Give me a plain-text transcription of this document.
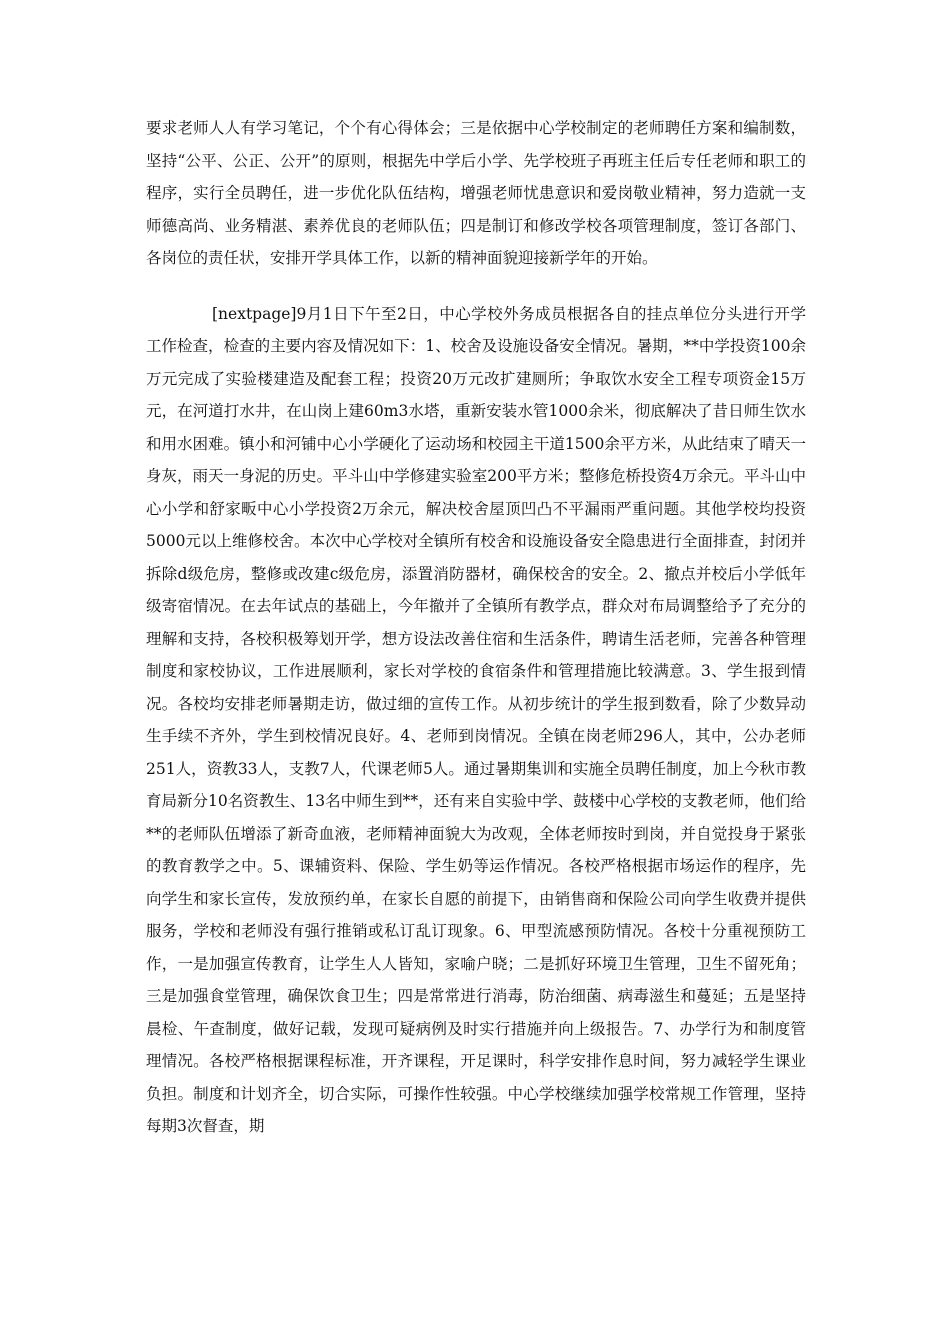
要求老师人人有学习笔记，个个有心得体会；三是依据中心学校制定的老师聘任方案和编制数，坚持“公平、公正、公开”的原则，根据先中学后小学、先学校班子再班主任后专任老师和职工的程序，实行全员聘任，进一步优化队伍结构，增强老师忧患意识和爱岗敬业精神，努力造就一支师德高尚、业务精湛、素养优良的老师队伍；四是制订和修改学校各项管理制度，签订各部门、各岗位的责任状，安排开学具体工作，以新的精神面貌迎接新学年的开始。

[nextpage]9月1日下午至2日，中心学校外务成员根据各自的挂点单位分头进行开学工作检查，检查的主要内容及情况如下：1、校舍及设施设备安全情况。暑期，**中学投资100余万元完成了实验楼建造及配套工程；投资20万元改扩建厕所；争取饮水安全工程专项资金15万元，在河道打水井，在山岗上建60m3水塔，重新安装水管1000余米，彻底解决了昔日师生饮水和用水困难。镇小和河铺中心小学硬化了运动场和校园主干道1500余平方米，从此结束了晴天一身灰，雨天一身泥的历史。平斗山中学修建实验室200平方米；整修危桥投资4万余元。平斗山中心小学和舒家畈中心小学投资2万余元，解决校舍屋顶凹凸不平漏雨严重问题。其他学校均投资5000元以上维修校舍。本次中心学校对全镇所有校舍和设施设备安全隐患进行全面排查，封闭并拆除d级危房，整修或改建c级危房，添置消防器材，确保校舍的安全。2、撤点并校后小学低年级寄宿情况。在去年试点的基础上，今年撤并了全镇所有教学点，群众对布局调整给予了充分的理解和支持，各校积极筹划开学，想方设法改善住宿和生活条件，聘请生活老师，完善各种管理制度和家校协议，工作进展顺利，家长对学校的食宿条件和管理措施比较满意。3、学生报到情况。各校均安排老师暑期走访，做过细的宣传工作。从初步统计的学生报到数看，除了少数异动生手续不齐外，学生到校情况良好。4、老师到岗情况。全镇在岗老师296人，其中，公办老师251人，资教33人，支教7人，代课老师5人。通过暑期集训和实施全员聘任制度，加上今秋市教育局新分10名资教生、13名中师生到**，还有来自实验中学、鼓楼中心学校的支教老师，他们给**的老师队伍增添了新奇血液，老师精神面貌大为改观，全体老师按时到岗，并自觉投身于紧张的教育教学之中。5、课辅资料、保险、学生奶等运作情况。各校严格根据市场运作的程序，先向学生和家长宣传，发放预约单，在家长自愿的前提下，由销售商和保险公司向学生收费并提供服务，学校和老师没有强行推销或私订乱订现象。6、甲型流感预防情况。各校十分重视预防工作，一是加强宣传教育，让学生人人皆知，家喻户晓；二是抓好环境卫生管理，卫生不留死角；三是加强食堂管理，确保饮食卫生；四是常常进行消毒，防治细菌、病毒滋生和蔓延；五是坚持晨检、午查制度，做好记载，发现可疑病例及时实行措施并向上级报告。7、办学行为和制度管理情况。各校严格根据课程标准，开齐课程，开足课时，科学安排作息时间，努力减轻学生课业负担。制度和计划齐全，切合实际，可操作性较强。中心学校继续加强学校常规工作管理，坚持每期3次督查，期
